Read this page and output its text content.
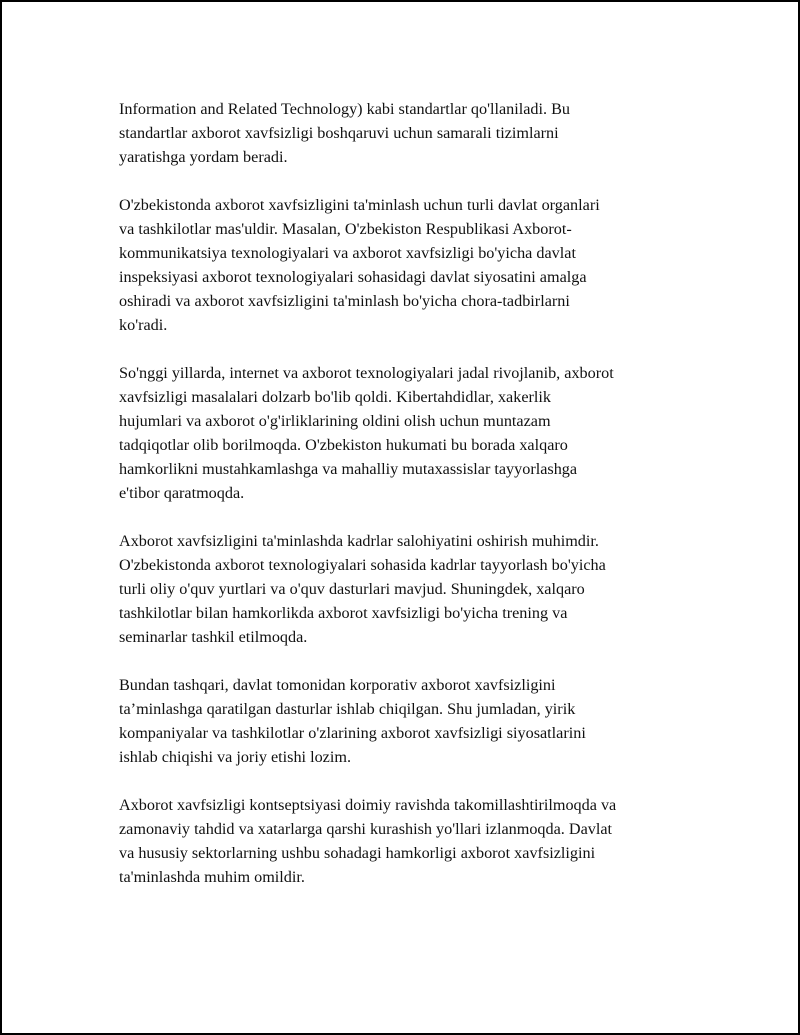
Information and Related Technology) kabi standartlar qo'llaniladi. Bu
standartlar axborot xavfsizligi boshqaruvi uchun samarali tizimlarni
yaratishga yordam beradi.

O'zbekistonda axborot xavfsizligini ta'minlash uchun turli davlat organlari
va tashkilotlar mas'uldir. Masalan, O'zbekiston Respublikasi Axborot-
kommunikatsiya texnologiyalari va axborot xavfsizligi bo'yicha davlat
inspeksiyasi axborot texnologiyalari sohasidagi davlat siyosatini amalga
oshiradi va axborot xavfsizligini ta'minlash bo'yicha chora-tadbirlarni
ko'radi.

So'nggi yillarda, internet va axborot texnologiyalari jadal rivojlanib, axborot
xavfsizligi masalalari dolzarb bo'lib qoldi. Kibertahdidlar, xakerlik
hujumlari va axborot o'g'irliklarining oldini olish uchun muntazam
tadqiqotlar olib borilmoqda. O'zbekiston hukumati bu borada xalqaro
hamkorlikni mustahkamlashga va mahalliy mutaxassislar tayyorlashga
e'tibor qaratmoqda.

Axborot xavfsizligini ta'minlashda kadrlar salohiyatini oshirish muhimdir.
O'zbekistonda axborot texnologiyalari sohasida kadrlar tayyorlash bo'yicha
turli oliy o'quv yurtlari va o'quv dasturlari mavjud. Shuningdek, xalqaro
tashkilotlar bilan hamkorlikda axborot xavfsizligi bo'yicha trening va
seminarlar tashkil etilmoqda.

Bundan tashqari, davlat tomonidan korporativ axborot xavfsizligini
ta’minlashga qaratilgan dasturlar ishlab chiqilgan. Shu jumladan, yirik
kompaniyalar va tashkilotlar o'zlarining axborot xavfsizligi siyosatlarini
ishlab chiqishi va joriy etishi lozim.

Axborot xavfsizligi kontseptsiyasi doimiy ravishda takomillashtirilmoqda va
zamonaviy tahdid va xatarlarga qarshi kurashish yo'llari izlanmoqda. Davlat
va hususiy sektorlarning ushbu sohadagi hamkorligi axborot xavfsizligini
ta'minlashda muhim omildir.
